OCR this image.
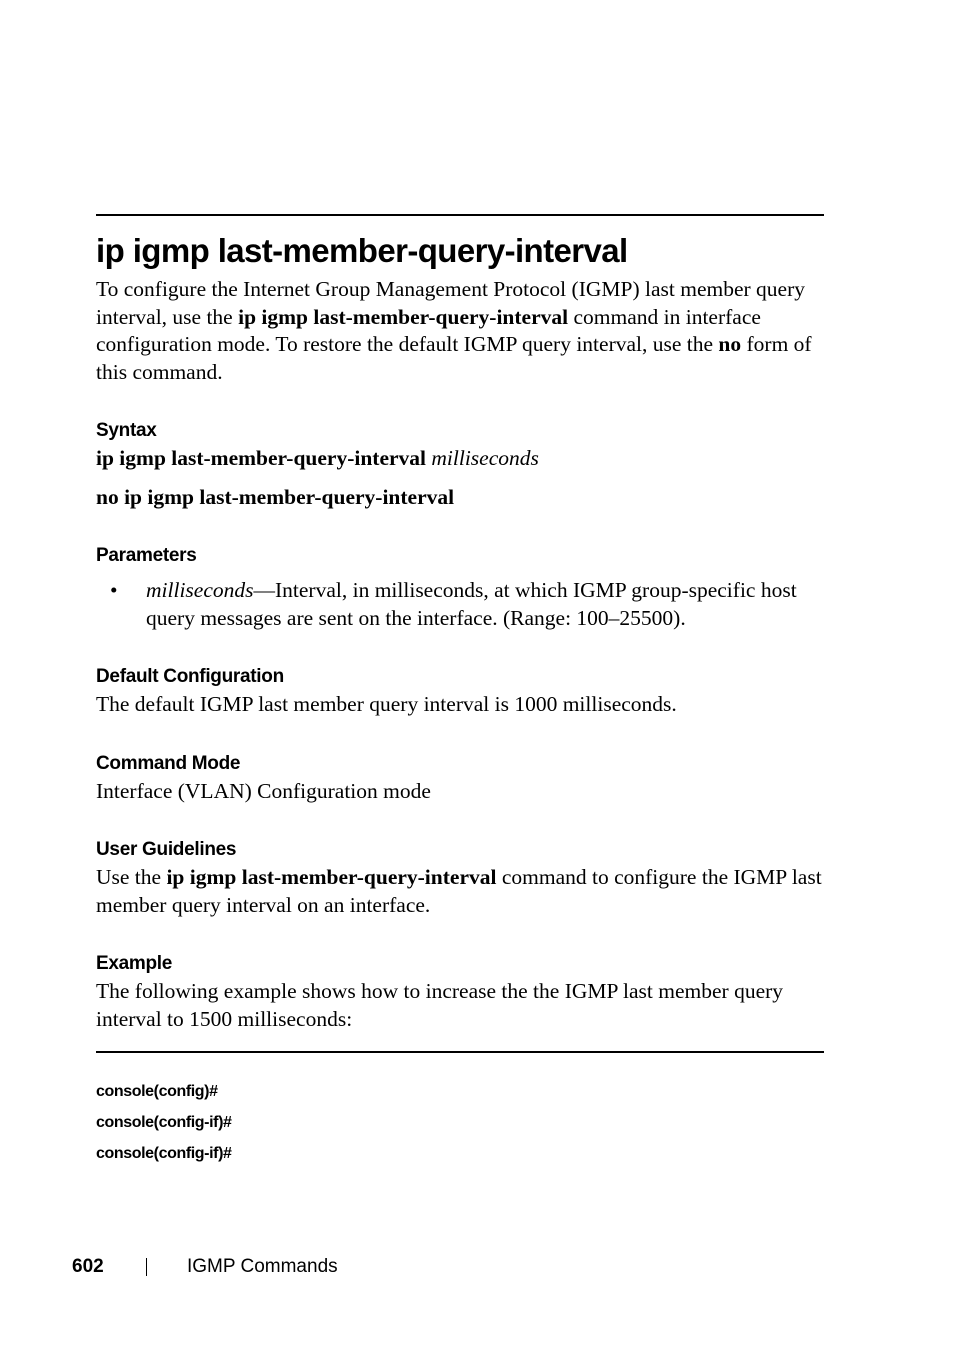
ip igmp last-member-query-interval

To configure the Internet Group Management Protocol (IGMP) last member query interval, use the ip igmp last-member-query-interval command in interface configuration mode. To restore the default IGMP query interval, use the no form of this command.

Syntax

ip igmp last-member-query-interval milliseconds

no ip igmp last-member-query-interval

Parameters

•	milliseconds—Interval, in milliseconds, at which IGMP group-specific host query messages are sent on the interface. (Range: 100–25500).

Default Configuration

The default IGMP last member query interval is 1000 milliseconds.

Command Mode

Interface (VLAN) Configuration mode

User Guidelines

Use the ip igmp last-member-query-interval command to configure the IGMP last member query interval on an interface.

Example

The following example shows how to increase the the IGMP last member query interval to 1500 milliseconds:

console(config)#
console(config-if)#
console(config-if)#
602	IGMP Commands
